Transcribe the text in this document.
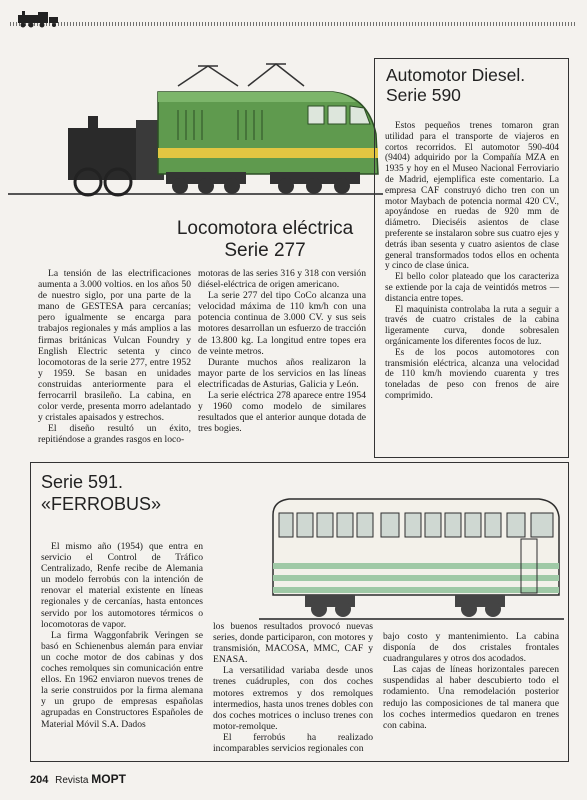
Locomotora eléctrica Serie 277

La tensión de las electrificaciones aumenta a 3.000 voltios. en los años 50 de nuestro siglo, por una parte de la mano de GESTESA para cercanías; pero igualmente se encarga para trabajos regionales y más amplios a las firmas británicas Vulcan Foundry y English Electric setenta y cinco locomotoras de la serie 277, entre 1952 y 1959. Se basan en unidades construidas anteriormente para el ferrocarril brasileño. La cabina, en color verde, presenta morro adelantado y cristales apaisados y estrechos.

El diseño resultó un éxito, repitiéndose a grandes rasgos en loco-

motoras de las series 316 y 318 con versión diésel-eléctrica de origen americano.

La serie 277 del tipo CoCo alcanza una velocidad máxima de 110 km/h con una potencia continua de 3.000 CV. y sus seis motores desarrollan un esfuerzo de tracción de 13.800 kg. La longitud entre topes era de veinte metros.

Durante muchos años realizaron la mayor parte de los servicios en las líneas electrificadas de Asturias, Galicia y León.

La serie eléctrica 278 aparece entre 1954 y 1960 como modelo de similares resultados que el anterior aunque dotada de tres bogies.

Automotor Diesel. Serie 590

Estos pequeños trenes tomaron gran utilidad para el transporte de viajeros en cortos recorridos. El automotor 590-404 (9404) adquirido por la Compañía MZA en 1935 y hoy en el Museo Nacional Ferroviario de Madrid, ejemplifica este comentario. La empresa CAF construyó dicho tren con un motor Maybach de potencia normal 420 CV., apoyándose en ruedas de 920 mm de diámetro. Dieciséis asientos de clase preferente se instalaron sobre sus cuatro ejes y detrás iban sesenta y cuatro asientos de clase general transformados todos ellos en ochenta y cinco de clase única.

El bello color plateado que los caracteriza se extiende por la caja de veintidós metros —distancia entre topes.

El maquinista controlaba la ruta a seguir a través de cuatro cristales de la cabina ligeramente curva, donde sobresalen orgánicamente los diferentes focos de luz.

Es de los pocos automotores con transmisión eléctrica, alcanza una velocidad de 110 km/h moviendo cuarenta y tres toneladas de peso con frenos de aire comprimido.

Serie 591. «FERROBUS»

El mismo año (1954) que entra en servicio el Control de Tráfico Centralizado, Renfe recibe de Alemania un modelo ferrobús con la intención de renovar el material existente en líneas regionales y de cercanías, hasta entonces servido por los automotores térmicos o locomotoras de vapor.

La firma Waggonfabrik Veringen se basó en Schienenbus alemán para enviar un coche motor de dos cabinas y dos coches remolques sin comunicación entre ellos. En 1962 enviaron nuevos trenes de la serie construidos por la firma alemana y un grupo de empresas españolas agrupadas en Constructores Españoles de Material Móvil S.A. Dados

los buenos resultados provocó nuevas series, donde participaron, con motores y transmisión, MACOSA, MMC, CAF y ENASA.

La versatilidad variaba desde unos trenes cuádruples, con dos coches motores extremos y dos remolques intermedios, hasta unos trenes dobles con dos coches motrices o incluso trenes con motor-remolque.

El ferrobús ha realizado incomparables servicios regionales con

bajo costo y mantenimiento. La cabina disponía de dos cristales frontales cuadrangulares y otros dos acodados.

Las cajas de líneas horizontales parecen suspendidas al haber descubierto todo el rodamiento. Una remodelación posterior redujo las composiciones de tal manera que los coches intermedios quedaron en trenes con cabina.

204 Revista MOPT
